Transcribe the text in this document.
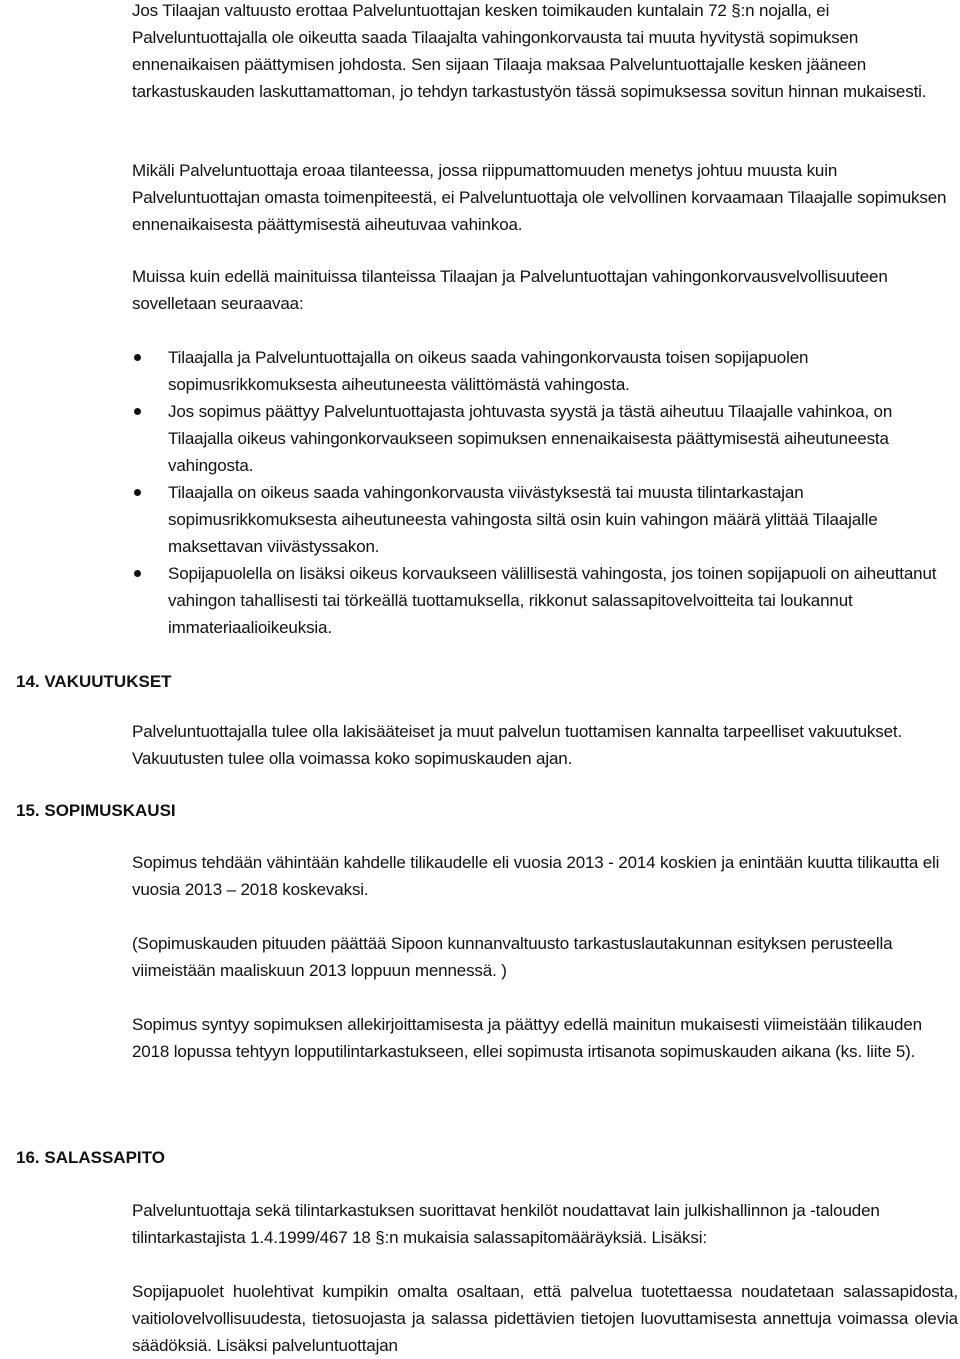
Jos Tilaajan valtuusto erottaa Palveluntuottajan kesken toimikauden kuntalain 72 §:n nojalla, ei Palveluntuottajalla ole oikeutta saada Tilaajalta vahingonkorvausta tai muuta hyvitystä sopimuksen ennenaikaisen päättymisen johdosta. Sen sijaan Tilaaja maksaa Palveluntuottajalle kesken jääneen tarkastuskauden laskuttamattoman, jo tehdyn tarkastustyön tässä sopimuksessa sovitun hinnan mukaisesti.

Mikäli Palveluntuottaja eroaa tilanteessa, jossa riippumattomuuden menetys johtuu muusta kuin Palveluntuottajan omasta toimenpiteestä, ei Palveluntuottaja ole velvollinen korvaamaan Tilaajalle sopimuksen ennenaikaisesta päättymisestä aiheutuvaa vahinkoa.

Muissa kuin edellä mainituissa tilanteissa Tilaajan ja Palveluntuottajan vahingonkorvausvelvollisuuteen sovelletaan seuraavaa:

Tilaajalla ja Palveluntuottajalla on oikeus saada vahingonkorvausta toisen sopijapuolen sopimusrikkomuksesta aiheutuneesta välittömästä vahingosta.
Jos sopimus päättyy Palveluntuottajasta johtuvasta syystä ja tästä aiheutuu Tilaajalle vahinkoa, on Tilaajalla oikeus vahingonkorvaukseen sopimuksen ennenaikaisesta päättymisestä aiheutuneesta vahingosta.
Tilaajalla on oikeus saada vahingonkorvausta viivästyksestä tai muusta tilintarkastajan sopimusrikkomuksesta aiheutuneesta vahingosta siltä osin kuin vahingon määrä ylittää Tilaajalle maksettavan viivästyssakon.
Sopijapuolella on lisäksi oikeus korvaukseen välillisestä vahingosta, jos toinen sopijapuoli on aiheuttanut vahingon tahallisesti tai törkeällä tuottamuksella, rikkonut salassapitovelvoitteita tai loukannut immateriaalioikeuksia.
14. VAKUUTUKSET

Palveluntuottajalla tulee olla lakisääteiset ja muut palvelun tuottamisen kannalta tarpeelliset vakuutukset. Vakuutusten tulee olla voimassa koko sopimuskauden ajan.

15. SOPIMUSKAUSI

Sopimus tehdään vähintään kahdelle tilikaudelle eli vuosia 2013 - 2014 koskien ja enintään kuutta tilikautta eli vuosia 2013 – 2018 koskevaksi.

(Sopimuskauden pituuden päättää Sipoon kunnanvaltuusto tarkastuslautakunnan esityksen perusteella viimeistään maaliskuun 2013 loppuun mennessä. )

Sopimus syntyy sopimuksen allekirjoittamisesta ja päättyy edellä mainitun mukaisesti viimeistään tilikauden 2018 lopussa tehtyyn lopputilintarkastukseen, ellei sopimusta irtisanota sopimuskauden aikana (ks. liite 5).

16. SALASSAPITO

Palveluntuottaja sekä tilintarkastuksen suorittavat henkilöt noudattavat lain julkishallinnon ja -talouden tilintarkastajista 1.4.1999/467 18 §:n mukaisia salassapitomääräyksiä. Lisäksi:

Sopijapuolet huolehtivat kumpikin omalta osaltaan, että palvelua tuotettaessa noudatetaan salassapidosta, vaitiolovelvollisuudesta, tietosuojasta ja salassa pidettävien tietojen luovuttamisesta annettuja voimassa olevia säädöksiä. Lisäksi palveluntuottajan
